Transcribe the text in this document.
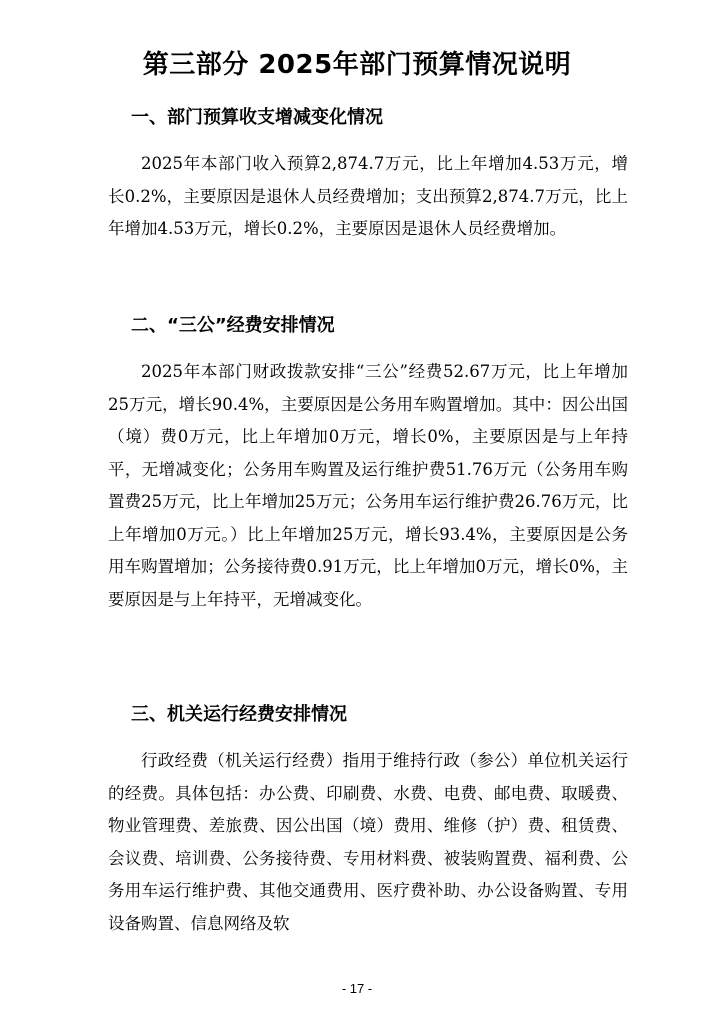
第三部分 2025年部门预算情况说明
一、部门预算收支增减变化情况

2025年本部门收入预算2,874.7万元，比上年增加4.53万元，增长0.2%，主要原因是退休人员经费增加；支出预算2,874.7万元，比上年增加4.53万元，增长0.2%，主要原因是退休人员经费增加。

二、“三公”经费安排情况

2025年本部门财政拨款安排“三公”经费52.67万元，比上年增加25万元，增长90.4%，主要原因是公务用车购置增加。其中：因公出国（境）费0万元，比上年增加0万元，增长0%，主要原因是与上年持平，无增减变化；公务用车购置及运行维护费51.76万元（公务用车购置费25万元，比上年增加25万元；公务用车运行维护费26.76万元，比上年增加0万元。）比上年增加25万元，增长93.4%，主要原因是公务用车购置增加；公务接待费0.91万元，比上年增加0万元，增长0%，主要原因是与上年持平，无增减变化。

三、机关运行经费安排情况

行政经费（机关运行经费）指用于维持行政（参公）单位机关运行的经费。具体包括：办公费、印刷费、水费、电费、邮电费、取暖费、物业管理费、差旅费、因公出国（境）费用、维修（护）费、租赁费、会议费、培训费、公务接待费、专用材料费、被装购置费、福利费、公务用车运行维护费、其他交通费用、医疗费补助、办公设备购置、专用设备购置、信息网络及软

- 17 -
